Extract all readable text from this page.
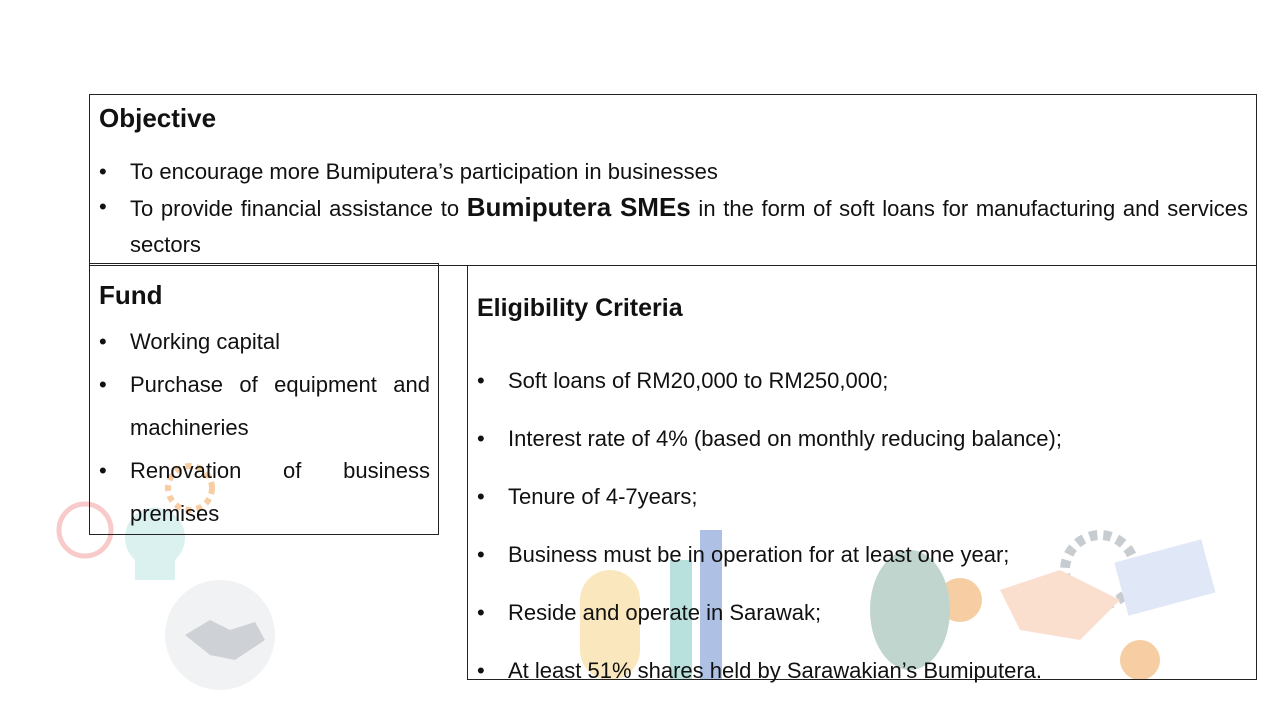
Objective
• To encourage more Bumiputera’s participation in businesses
• To provide financial assistance to Bumiputera SMEs in the form of soft loans for manufacturing and services sectors
Fund
• Working capital
• Purchase of equipment and machineries
• Renovation of business premises
Eligibility Criteria
• Soft loans of RM20,000 to RM250,000;
• Interest rate of 4% (based on monthly reducing balance);
• Tenure of 4-7years;
• Business must be in operation for at least one year;
• Reside and operate in Sarawak;
• At least 51% shares held by Sarawakian’s Bumiputera.
